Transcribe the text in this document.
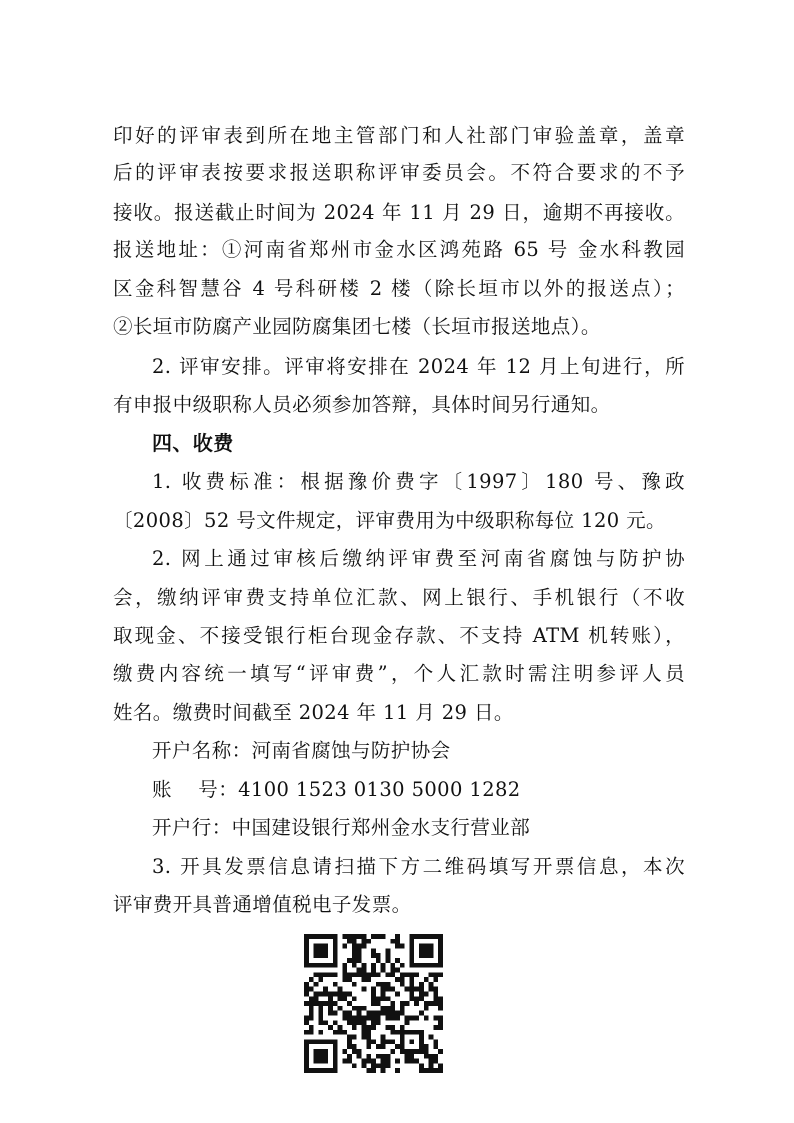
印好的评审表到所在地主管部门和人社部门审验盖章，盖章
后的评审表按要求报送职称评审委员会。不符合要求的不予
接收。报送截止时间为 2024 年 11 月 29 日，逾期不再接收。
报送地址：①河南省郑州市金水区鸿苑路 65 号 金水科教园
区金科智慧谷 4 号科研楼 2 楼（除长垣市以外的报送点）；
②长垣市防腐产业园防腐集团七楼（长垣市报送地点）。
2. 评审安排。评审将安排在 2024 年 12 月上旬进行，所
有申报中级职称人员必须参加答辩，具体时间另行通知。
四、收费
1. 收费标准：根据豫价费字〔1997〕180 号、豫政
〔2008〕52 号文件规定，评审费用为中级职称每位 120 元。
2. 网上通过审核后缴纳评审费至河南省腐蚀与防护协
会，缴纳评审费支持单位汇款、网上银行、手机银行（不收
取现金、不接受银行柜台现金存款、不支持 ATM 机转账），
缴费内容统一填写“评审费”，个人汇款时需注明参评人员
姓名。缴费时间截至 2024 年 11 月 29 日。
开户名称：河南省腐蚀与防护协会
账    号：4100 1523 0130 5000 1282
开户行：中国建设银行郑州金水支行营业部
3. 开具发票信息请扫描下方二维码填写开票信息，本次
评审费开具普通增值税电子发票。
